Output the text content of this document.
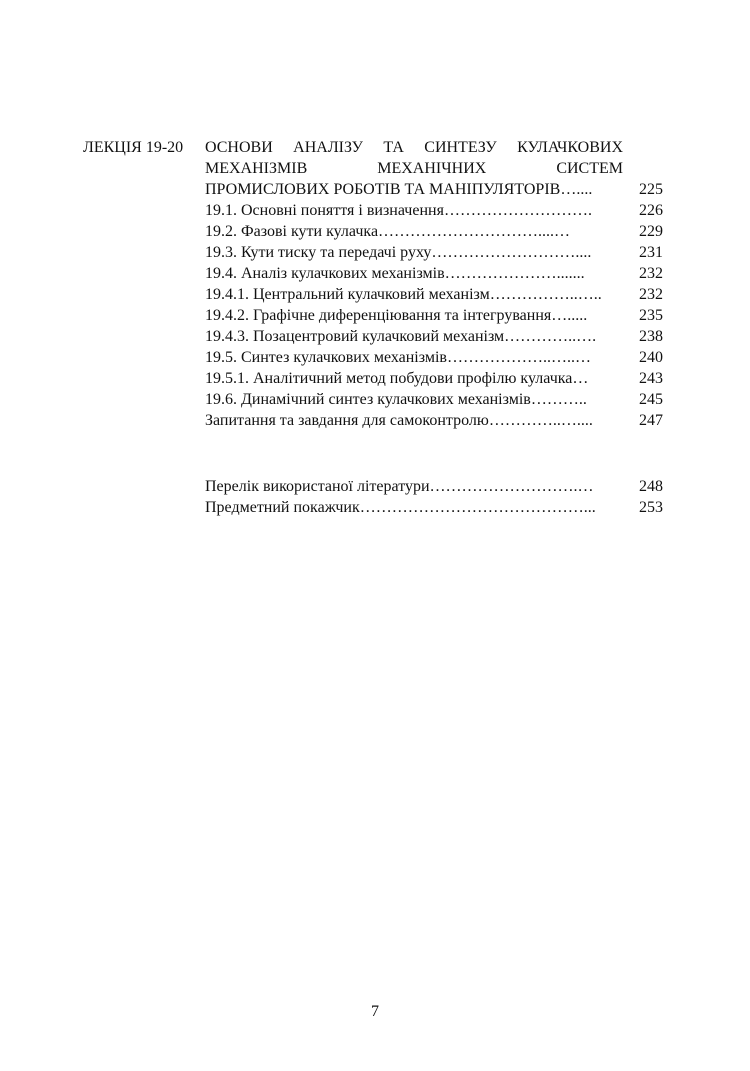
ЛЕКЦІЯ 19-20 ОСНОВИ АНАЛІЗУ ТА СИНТЕЗУ КУЛАЧКОВИХ
МЕХАНІЗМІВ МЕХАНІЧНИХ СИСТЕМ
ПРОМИСЛОВИХ РОБОТІВ ТА МАНІПУЛЯТОРІВ…....	225
19.1. Основні поняття і визначення……………………….	226
19.2. Фазові кути кулачка…………………………....…	229
19.3. Кути тиску та передачі руху………………………....	231
19.4. Аналіз кулачкових механізмів………………….......	232
19.4.1. Центральний кулачковий механізм……………..…..	232
19.4.2. Графічне диференціювання та інтегрування….....	235
19.4.3. Позацентровий кулачковий механізм…………..….	238
19.5. Синтез кулачкових механізмів………………..…..…	240
19.5.1. Аналітичний метод побудови профілю кулачка…	243
19.6. Динамічний синтез кулачкових механізмів………..	245
Запитання та завдання для самоконтролю…………..…....	247
Перелік використаної літератури……………………….…	248
Предметний покажчик……………………………………...	253
7
